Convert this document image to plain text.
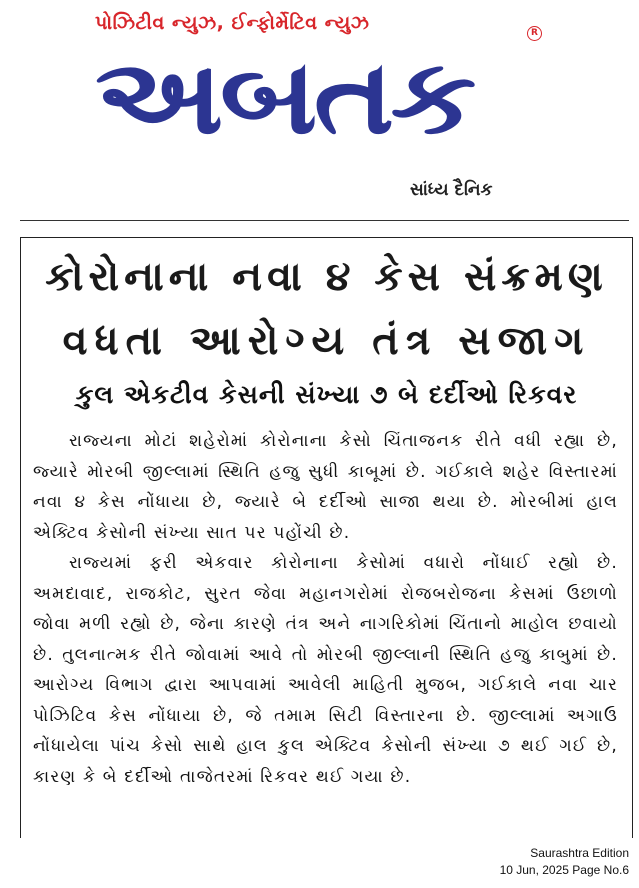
પોઝિટીવ ન્યુઝ, ઈન્ફોર્મેટિવ ન્યુઝ
અબતક
R
સાંધ્ય દૈનિક
કોરોનાના નવા ૪ કેસ સંક્રમણ
વધતા આરોગ્ય તંત્ર સજાગ
કુલ એકટીવ કેસની સંખ્યા ૭ બે દર્દીઓ રિકવર

રાજ્યના મોટાં શહેરોમાં કોરોનાના કેસો ચિંતાજનક રીતે વધી રહ્યા છે, જ્યારે મોરબી જીલ્લામાં સ્થિતિ હજુ સુધી કાબૂમાં છે. ગઈકાલે શહેર વિસ્તારમાં નવા ૪ કેસ નોંધાયા છે, જ્યારે બે દર્દીઓ સાજા થયા છે. મોરબીમાં હાલ એક્ટિવ કેસોની સંખ્યા સાત પર પહોંચી છે.

રાજ્યમાં ફરી એકવાર કોરોનાના કેસોમાં વધારો નોંધાઈ રહ્યો છે. અમદાવાદ, રાજકોટ, સુરત જેવા મહાનગરોમાં રોજબરોજના કેસમાં ઉછાળો જોવા મળી રહ્યો છે, જેના કારણે તંત્ર અને નાગરિકોમાં ચિંતાનો માહોલ છવાયો છે. તુલનાત્મક રીતે જોવામાં આવે તો મોરબી જીલ્લાની સ્થિતિ હજુ કાબુમાં છે. આરોગ્ય વિભાગ દ્વારા આપવામાં આવેલી માહિતી મુજબ, ગઈકાલે નવા ચાર પોઝિટિવ કેસ નોંધાયા છે, જે તમામ સિટી વિસ્તારના છે. જીલ્લામાં અગાઉ નોંધાયેલા પાંચ કેસો સાથે હાલ કુલ એક્ટિવ કેસોની સંખ્યા ૭ થઈ ગઈ છે, કારણ કે બે દર્દીઓ તાજેતરમાં રિકવર થઈ ગયા છે.

Saurashtra Edition
10 Jun, 2025 Page No.6
